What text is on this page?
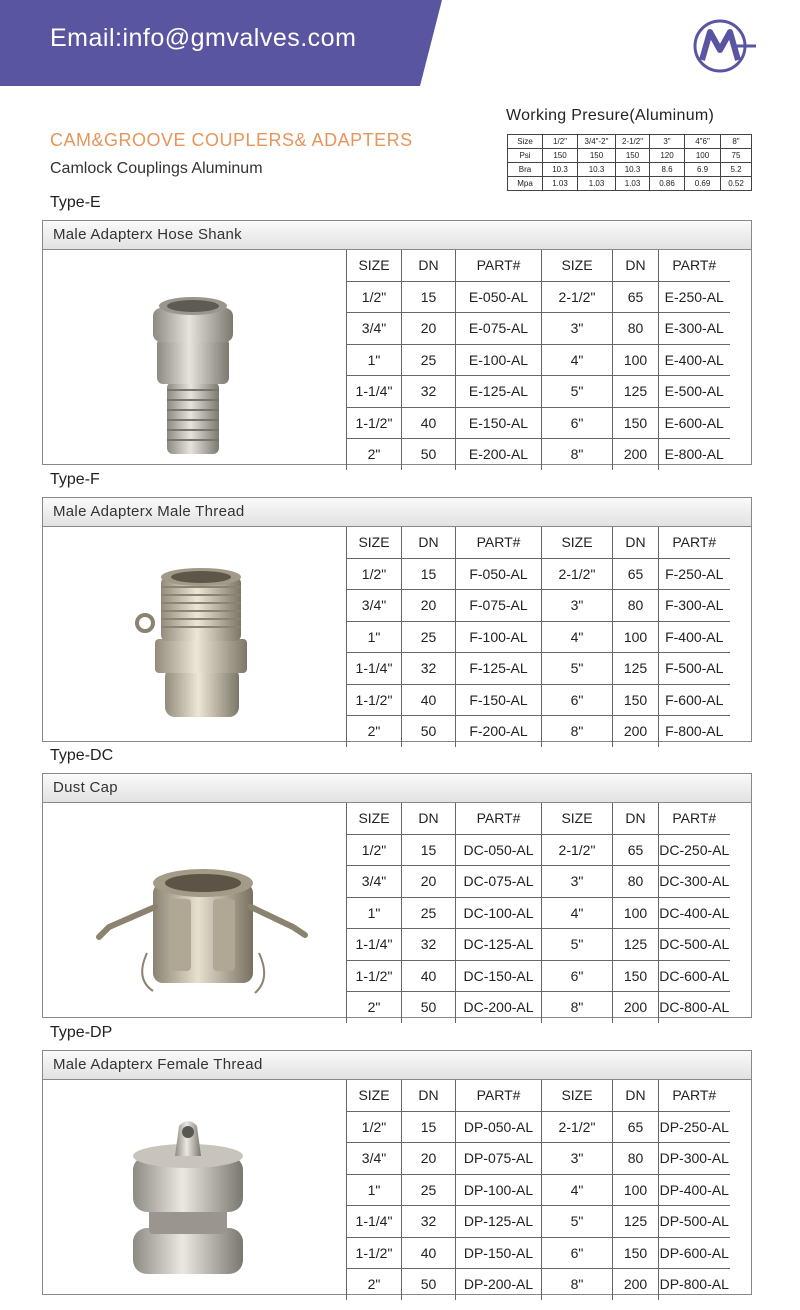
Email:info@gmvalves.com
CAM&GROOVE COUPLERS& ADAPTERS
Camlock Couplings Aluminum
Working Presure(Aluminum)
Size	1/2"	3/4"-2"	2-1/2"	3"	4"6"	8"
Psi	150	150	150	120	100	75
Bra	10.3	10.3	10.3	8.6	6.9	5.2
Mpa	1.03	1.03	1.03	0.86	0.69	0.52
Type-E
Male Adapterx Hose Shank
SIZE	DN	PART#	SIZE	DN	PART#
1/2"	15	E-050-AL	2-1/2"	65	E-250-AL
3/4"	20	E-075-AL	3"	80	E-300-AL
1"	25	E-100-AL	4"	100	E-400-AL
1-1/4"	32	E-125-AL	5"	125	E-500-AL
1-1/2"	40	E-150-AL	6"	150	E-600-AL
2"	50	E-200-AL	8"	200	E-800-AL
Type-F
Male Adapterx Male Thread
SIZE	DN	PART#	SIZE	DN	PART#
1/2"	15	F-050-AL	2-1/2"	65	F-250-AL
3/4"	20	F-075-AL	3"	80	F-300-AL
1"	25	F-100-AL	4"	100	F-400-AL
1-1/4"	32	F-125-AL	5"	125	F-500-AL
1-1/2"	40	F-150-AL	6"	150	F-600-AL
2"	50	F-200-AL	8"	200	F-800-AL
Type-DC
Dust Cap
SIZE	DN	PART#	SIZE	DN	PART#
1/2"	15	DC-050-AL	2-1/2"	65	DC-250-AL
3/4"	20	DC-075-AL	3"	80	DC-300-AL
1"	25	DC-100-AL	4"	100	DC-400-AL
1-1/4"	32	DC-125-AL	5"	125	DC-500-AL
1-1/2"	40	DC-150-AL	6"	150	DC-600-AL
2"	50	DC-200-AL	8"	200	DC-800-AL
Type-DP
Male Adapterx Female Thread
SIZE	DN	PART#	SIZE	DN	PART#
1/2"	15	DP-050-AL	2-1/2"	65	DP-250-AL
3/4"	20	DP-075-AL	3"	80	DP-300-AL
1"	25	DP-100-AL	4"	100	DP-400-AL
1-1/4"	32	DP-125-AL	5"	125	DP-500-AL
1-1/2"	40	DP-150-AL	6"	150	DP-600-AL
2"	50	DP-200-AL	8"	200	DP-800-AL
